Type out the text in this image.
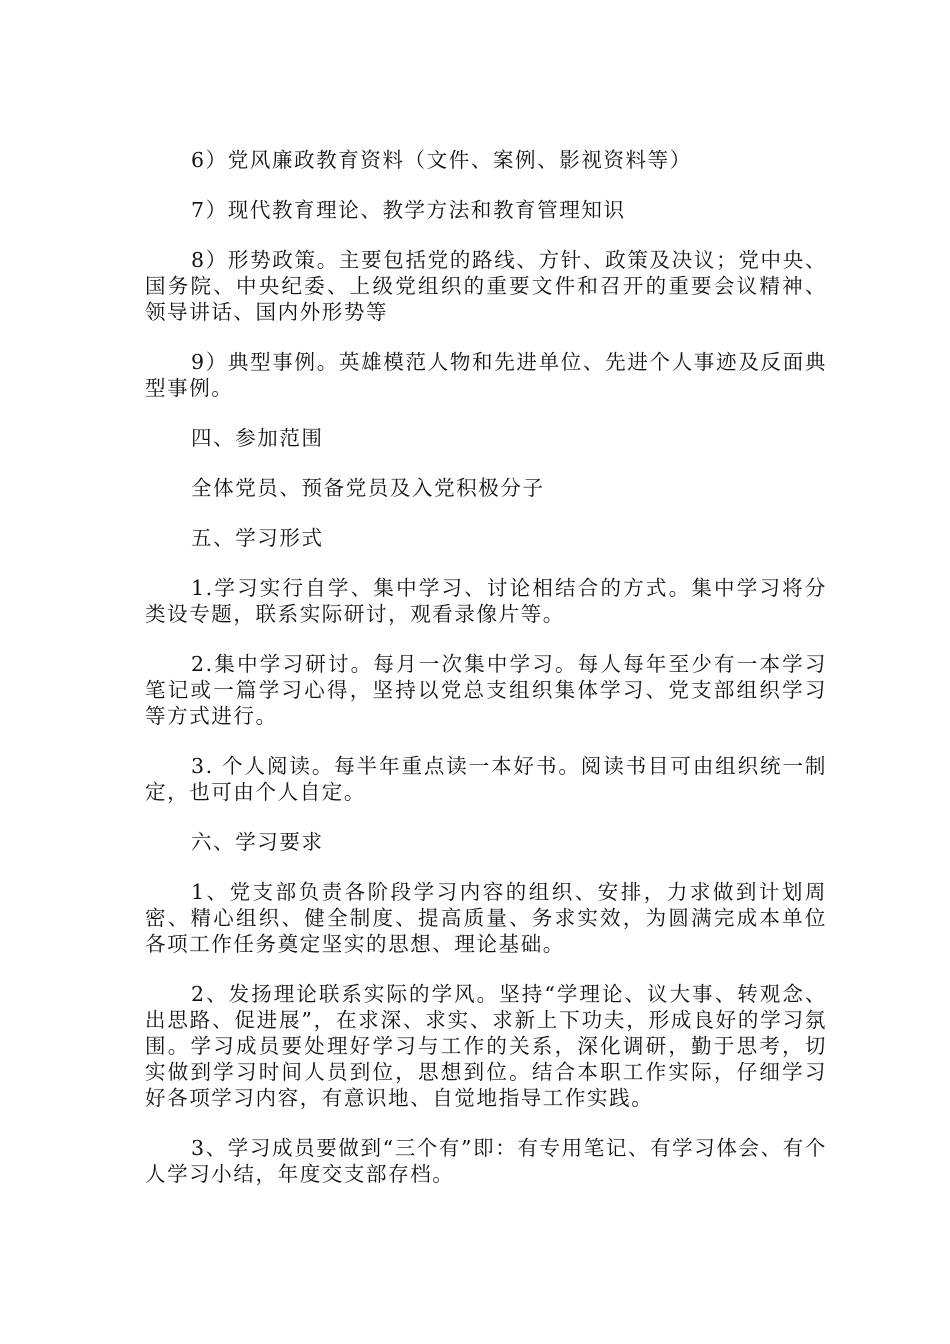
6）党风廉政教育资料（文件、案例、影视资料等）

7）现代教育理论、教学方法和教育管理知识

8）形势政策。主要包括党的路线、方针、政策及决议；党中央、国务院、中央纪委、上级党组织的重要文件和召开的重要会议精神、领导讲话、国内外形势等

9）典型事例。英雄模范人物和先进单位、先进个人事迹及反面典型事例。

四、参加范围

全体党员、预备党员及入党积极分子

五、学习形式

1.学习实行自学、集中学习、讨论相结合的方式。集中学习将分类设专题，联系实际研讨，观看录像片等。

2.集中学习研讨。每月一次集中学习。每人每年至少有一本学习笔记或一篇学习心得，坚持以党总支组织集体学习、党支部组织学习等方式进行。

3. 个人阅读。每半年重点读一本好书。阅读书目可由组织统一制定，也可由个人自定。

六、学习要求

1、党支部负责各阶段学习内容的组织、安排，力求做到计划周密、精心组织、健全制度、提高质量、务求实效，为圆满完成本单位各项工作任务奠定坚实的思想、理论基础。

2、发扬理论联系实际的学风。坚持“学理论、议大事、转观念、出思路、促进展”，在求深、求实、求新上下功夫，形成良好的学习氛围。学习成员要处理好学习与工作的关系，深化调研，勤于思考，切实做到学习时间人员到位，思想到位。结合本职工作实际，仔细学习好各项学习内容，有意识地、自觉地指导工作实践。

3、学习成员要做到“三个有”即：有专用笔记、有学习体会、有个人学习小结，年度交支部存档。
